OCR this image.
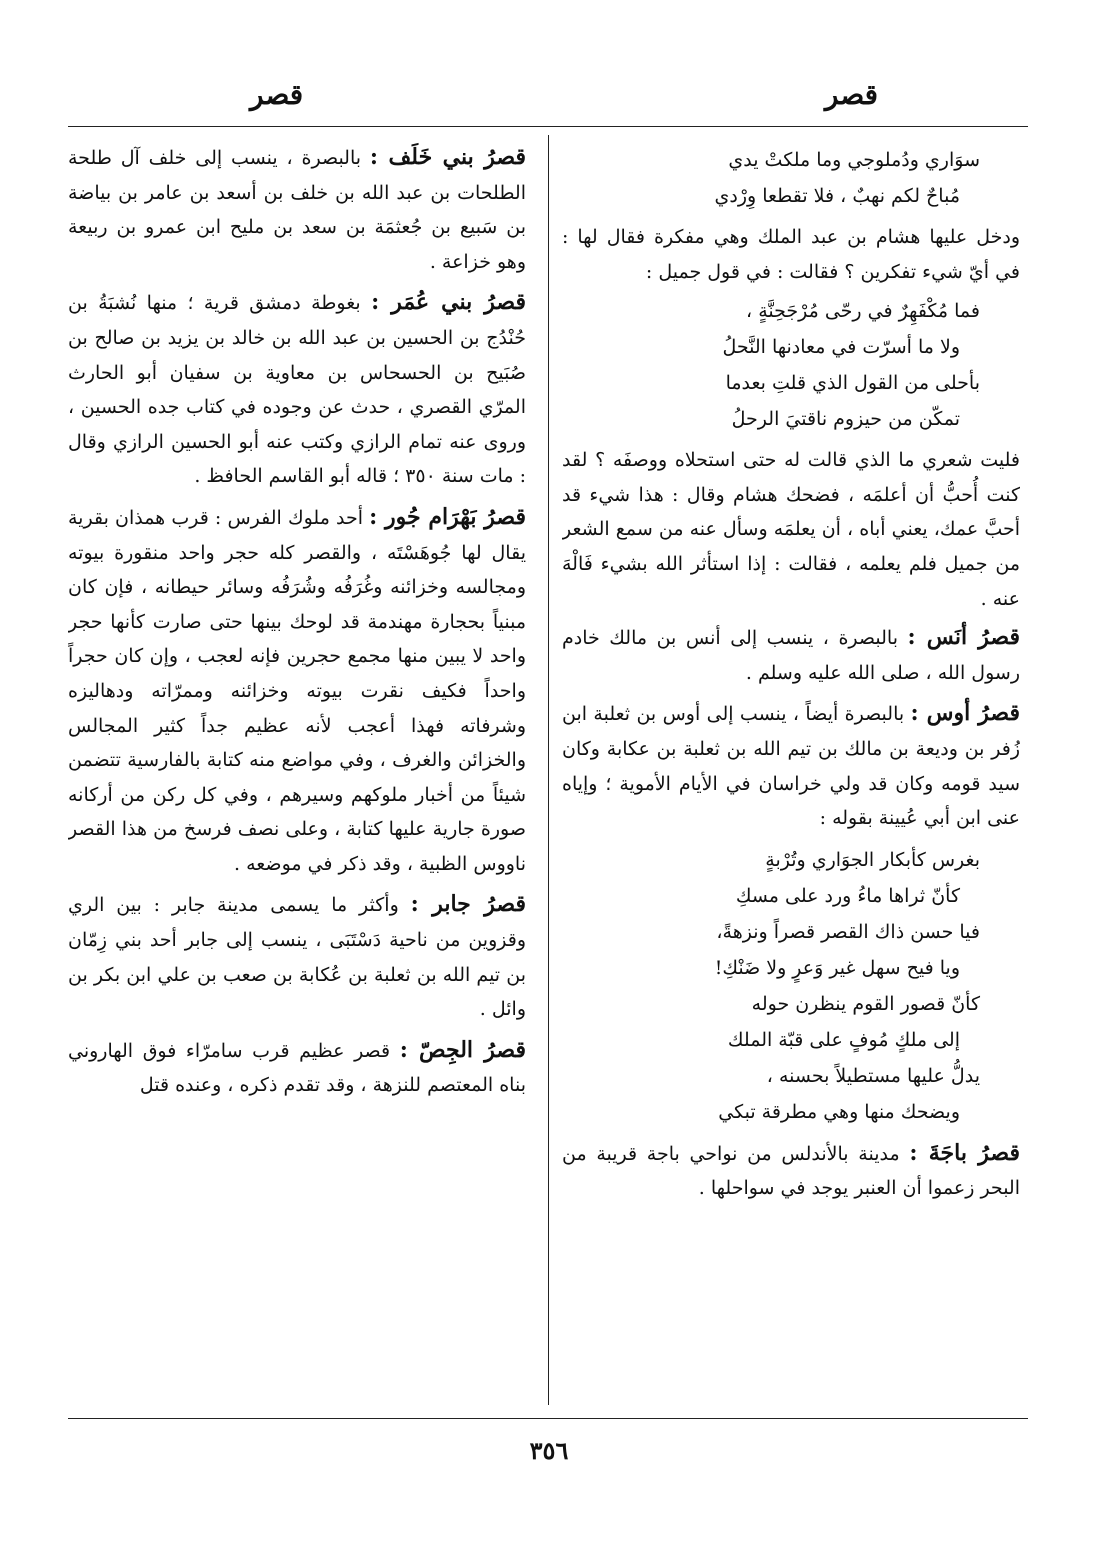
قصر
قصر
سوَاري ودُملوجي وما ملكتْ يدي
مُباحٌ لكم نهبٌ ، فلا تقطعا وِرْدي

ودخل عليها هشام بن عبد الملك وهي مفكرة فقال لها : في أيّ شيء تفكرين ؟ فقالت : في قول جميل :

فما مُكْفَهِرٌ في رحّى مُرْجَحِنَّةٍ ،
ولا ما أسرّت في معادنها النَّحلُ
بأحلى من القول الذي قلتِ بعدما
تمكّن من حيزوم ناقتيَ الرحلُ

فليت شعري ما الذي قالت له حتى استحلاه ووصفَه ؟ لقد كنت أُحبُّ أن أعلمَه ، فضحك هشام وقال : هذا شيء قد أحبَّ عمك، يعني أباه ، أن يعلمَه وسأل عنه من سمع الشعر من جميل فلم يعلمه ، فقالت : إذا استأثر الله بشيء فَالْهَ عنه .

قصرُ أنَس : بالبصرة ، ينسب إلى أنس بن مالك خادم رسول الله ، صلى الله عليه وسلم .

قصرُ أوس : بالبصرة أيضاً ، ينسب إلى أوس بن ثعلبة ابن زُفر بن وديعة بن مالك بن تيم الله بن ثعلبة بن عكابة وكان سيد قومه وكان قد ولي خراسان في الأيام الأموية ؛ وإياه عنى ابن أبي عُيينة بقوله :

بغرس كأبكار الجوَاري وتُرْبةٍ
كأنّ ثراها ماءُ ورد على مسكِ
فيا حسن ذاك القصر قصراً ونزهةً،
ويا فيح سهل غير وَعرٍ ولا ضَنْكِ!
كأنّ قصور القوم ينظرن حوله
إلى ملكٍ مُوفٍ على قبّة الملك
يدلُّ عليها مستطيلاً بحسنه ،
ويضحك منها وهي مطرقة تبكي

قصرُ باجَةَ : مدينة بالأندلس من نواحي باجة قريبة من البحر زعموا أن العنبر يوجد في سواحلها .

قصرُ بني خَلَف : بالبصرة ، ينسب إلى خلف آل طلحة الطلحات بن عبد الله بن خلف بن أسعد بن عامر بن بياضة بن سَبيع بن جُعثمَة بن سعد بن مليح ابن عمرو بن ربيعة وهو خزاعة .

قصرُ بني عُمَر : بغوطة دمشق قرية ؛ منها نُشبَةُ بن حُنْدُج بن الحسين بن عبد الله بن خالد بن يزيد بن صالح بن صُبَيح بن الحسحاس بن معاوية بن سفيان أبو الحارث المرّي القصري ، حدث عن وجوده في كتاب جده الحسين ، وروى عنه تمام الرازي وكتب عنه أبو الحسين الرازي وقال : مات سنة ٣٥٠ ؛ قاله أبو القاسم الحافظ .

قصرُ بَهْرَام جُور : أحد ملوك الفرس : قرب همذان بقرية يقال لها جُوهَسْتَه ، والقصر كله حجر واحد منقورة بيوته ومجالسه وخزائنه وغُرَفُه وشُرَفُه وسائر حيطانه ، فإن كان مبنياً بحجارة مهندمة قد لوحك بينها حتى صارت كأنها حجر واحد لا يبين منها مجمع حجرين فإنه لعجب ، وإن كان حجراً واحداً فكيف نقرت بيوته وخزائنه وممرّاته ودهاليزه وشرفاته فهذا أعجب لأنه عظيم جداً كثير المجالس والخزائن والغرف ، وفي مواضع منه كتابة بالفارسية تتضمن شيئاً من أخبار ملوكهم وسيرهم ، وفي كل ركن من أركانه صورة جارية عليها كتابة ، وعلى نصف فرسخ من هذا القصر ناووس الظبية ، وقد ذكر في موضعه .

قصرُ جابر : وأكثر ما يسمى مدينة جابر : بين الري وقزوين من ناحية دَسْتَبَى ، ينسب إلى جابر أحد بني زِمّان بن تيم الله بن ثعلبة بن عُكابة بن صعب بن علي ابن بكر بن وائل .

قصرُ الجِصّ : قصر عظيم قرب سامرّاء فوق الهاروني بناه المعتصم للنزهة ، وقد تقدم ذكره ، وعنده قتل

٣٥٦
